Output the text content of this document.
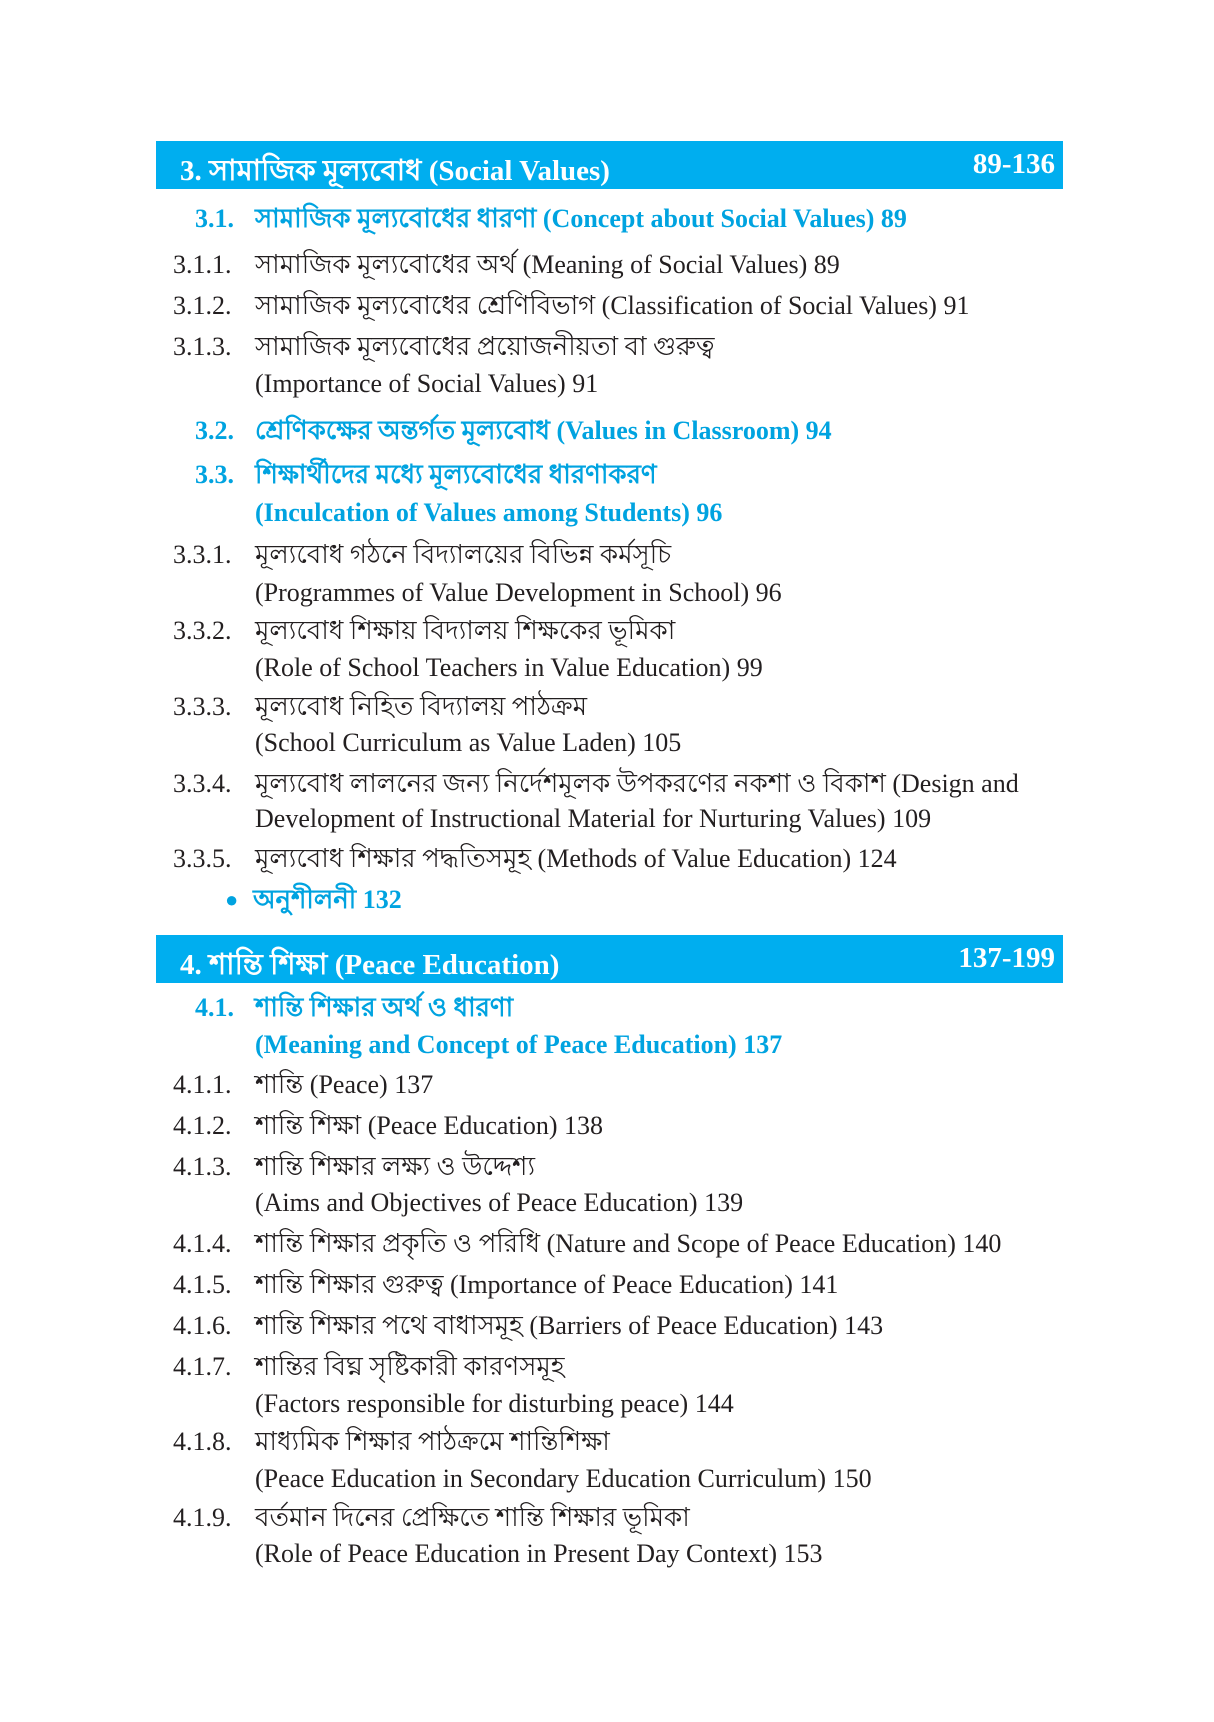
3. সামাজিক মূল্যবোধ (Social Values)	89-136
3.1. সামাজিক মূল্যবোধের ধারণা (Concept about Social Values) 89
3.1.1. সামাজিক মূল্যবোধের অর্থ (Meaning of Social Values) 89
3.1.2. সামাজিক মূল্যবোধের শ্রেণিবিভাগ (Classification of Social Values) 91
3.1.3. সামাজিক মূল্যবোধের প্রয়োজনীয়তা বা গুরুত্ব
(Importance of Social Values) 91
3.2. শ্রেণিকক্ষের অন্তর্গত মূল্যবোধ (Values in Classroom) 94
3.3. শিক্ষার্থীদের মধ্যে মূল্যবোধের ধারণাকরণ
(Inculcation of Values among Students) 96
3.3.1. মূল্যবোধ গঠনে বিদ্যালয়ের বিভিন্ন কর্মসূচি
(Programmes of Value Development in School) 96
3.3.2. মূল্যবোধ শিক্ষায় বিদ্যালয় শিক্ষকের ভূমিকা
(Role of School Teachers in Value Education) 99
3.3.3. মূল্যবোধ নিহিত বিদ্যালয় পাঠক্রম
(School Curriculum as Value Laden) 105
3.3.4. মূল্যবোধ লালনের জন্য নির্দেশমূলক উপকরণের নকশা ও বিকাশ (Design and
Development of Instructional Material for Nurturing Values) 109
3.3.5. মূল্যবোধ শিক্ষার পদ্ধতিসমূহ (Methods of Value Education) 124
● অনুশীলনী 132
4. শান্তি শিক্ষা (Peace Education)	137-199
4.1. শান্তি শিক্ষার অর্থ ও ধারণা
(Meaning and Concept of Peace Education) 137
4.1.1. শান্তি (Peace) 137
4.1.2. শান্তি শিক্ষা (Peace Education) 138
4.1.3. শান্তি শিক্ষার লক্ষ্য ও উদ্দেশ্য
(Aims and Objectives of Peace Education) 139
4.1.4. শান্তি শিক্ষার প্রকৃতি ও পরিধি (Nature and Scope of Peace Education) 140
4.1.5. শান্তি শিক্ষার গুরুত্ব (Importance of Peace Education) 141
4.1.6. শান্তি শিক্ষার পথে বাধাসমূহ (Barriers of Peace Education) 143
4.1.7. শান্তির বিঘ্ন সৃষ্টিকারী কারণসমূহ
(Factors responsible for disturbing peace) 144
4.1.8. মাধ্যমিক শিক্ষার পাঠক্রমে শান্তিশিক্ষা
(Peace Education in Secondary Education Curriculum) 150
4.1.9. বর্তমান দিনের প্রেক্ষিতে শান্তি শিক্ষার ভূমিকা
(Role of Peace Education in Present Day Context) 153
